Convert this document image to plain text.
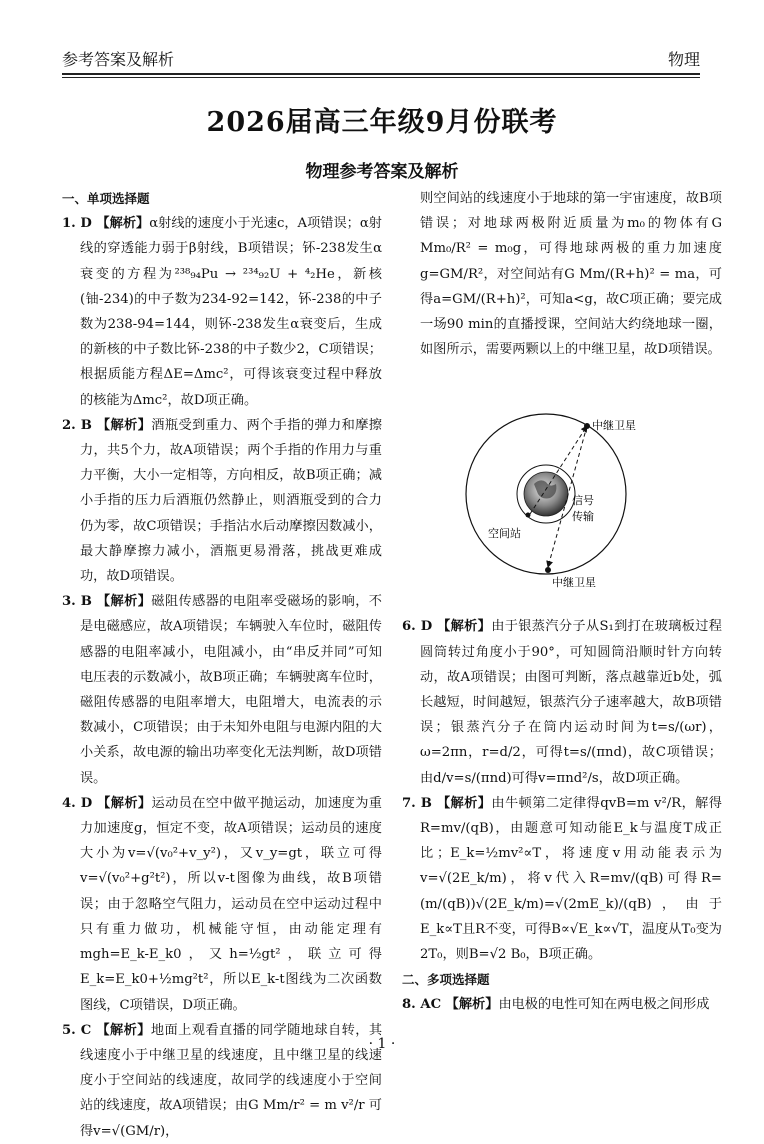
参考答案及解析	物理
2026届高三年级9月份联考
物理参考答案及解析

一、单项选择题

1. D 【解析】α射线的速度小于光速c，A项错误；α射线的穿透能力弱于β射线，B项错误；钚-238发生α衰变的方程为²³⁸₉₄Pu → ²³⁴₉₂U + ⁴₂He，新核(铀-234)的中子数为234-92=142，钚-238的中子数为238-94=144，则钚-238发生α衰变后，生成的新核的中子数比钚-238的中子数少2，C项错误；根据质能方程ΔE=Δmc²，可得该衰变过程中释放的核能为Δmc²，故D项正确。

2. B 【解析】酒瓶受到重力、两个手指的弹力和摩擦力，共5个力，故A项错误；两个手指的作用力与重力平衡，大小一定相等，方向相反，故B项正确；减小手指的压力后酒瓶仍然静止，则酒瓶受到的合力仍为零，故C项错误；手指沾水后动摩擦因数减小，最大静摩擦力减小，酒瓶更易滑落，挑战更难成功，故D项错误。

3. B 【解析】磁阻传感器的电阻率受磁场的影响，不是电磁感应，故A项错误；车辆驶入车位时，磁阻传感器的电阻率减小，电阻减小，由“串反并同”可知电压表的示数减小，故B项正确；车辆驶离车位时，磁阻传感器的电阻率增大，电阻增大，电流表的示数减小，C项错误；由于未知外电阻与电源内阻的大小关系，故电源的输出功率变化无法判断，故D项错误。

4. D 【解析】运动员在空中做平抛运动，加速度为重力加速度g，恒定不变，故A项错误；运动员的速度大小为v=√(v₀²+v_y²)，又v_y=gt，联立可得v=√(v₀²+g²t²)，所以v-t图像为曲线，故B项错误；由于忽略空气阻力，运动员在空中运动过程中只有重力做功，机械能守恒，由动能定理有mgh=E_k-E_k0，又h=½gt²，联立可得E_k=E_k0+½mg²t²，所以E_k-t图线为二次函数图线，C项错误，D项正确。

5. C 【解析】地面上观看直播的同学随地球自转，其线速度小于中继卫星的线速度，且中继卫星的线速度小于空间站的线速度，故同学的线速度小于空间站的线速度，故A项错误；由G Mm/r² = m v²/r 可得v=√(GM/r)，

则空间站的线速度小于地球的第一宇宙速度，故B项错误；对地球两极附近质量为m₀的物体有G Mm₀/R² = m₀g，可得地球两极的重力加速度g=GM/R²，对空间站有G Mm/(R+h)² = ma，可得a=GM/(R+h)²，可知a<g，故C项正确；要完成一场90 min的直播授课，空间站大约绕地球一圈，如图所示，需要两颗以上的中继卫星，故D项错误。

中继卫星
中继卫星
空间站
信号
传输

6. D 【解析】由于银蒸汽分子从S₁到打在玻璃板过程圆筒转过角度小于90°，可知圆筒沿顺时针方向转动，故A项错误；由图可判断，落点越靠近b处，弧长越短，时间越短，银蒸汽分子速率越大，故B项错误；银蒸汽分子在筒内运动时间为t=s/(ωr)，ω=2πn，r=d/2，可得t=s/(πnd)，故C项错误；由d/v=s/(πnd)可得v=πnd²/s，故D项正确。

7. B 【解析】由牛顿第二定律得qvB=m v²/R，解得R=mv/(qB)，由题意可知动能E_k与温度T成正比；E_k=½mv²∝T，将速度v用动能表示为v=√(2E_k/m)，将v代入R=mv/(qB)可得R=(m/(qB))√(2E_k/m)=√(2mE_k)/(qB)，由于E_k∝T且R不变，可得B∝√E_k∝√T，温度从T₀变为2T₀，则B=√2 B₀，B项正确。

二、多项选择题

8. AC 【解析】由电极的电性可知在两电极之间形成

· 1 ·
